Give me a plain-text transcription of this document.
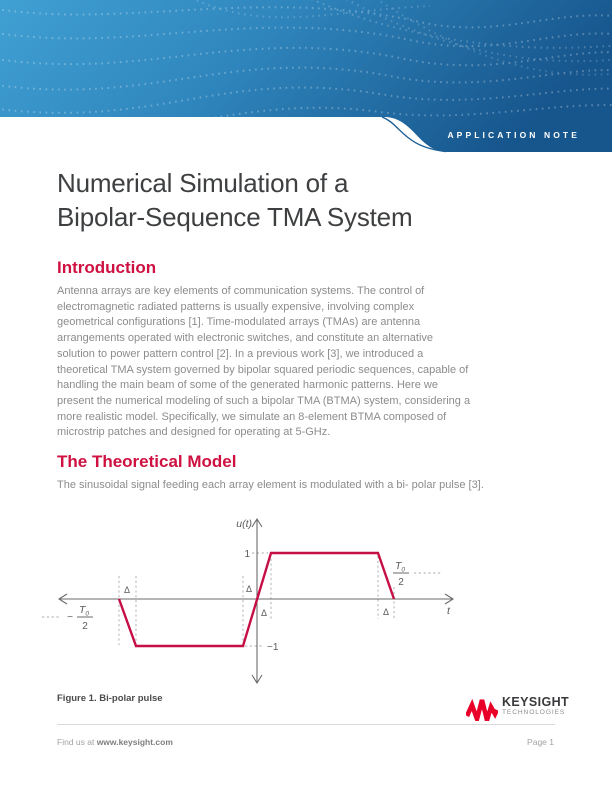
APPLICATION NOTE
Numerical Simulation of a
Bipolar-Sequence TMA System
Introduction
Antenna arrays are key elements of communication systems. The control of electromagnetic radiated patterns is usually expensive, involving complex geometrical configurations [1]. Time-modulated arrays (TMAs) are antenna arrangements operated with electronic switches, and constitute an alternative solution to power pattern control [2]. In a previous work [3], we introduced a theoretical TMA system governed by bipolar squared periodic sequences, capable of handling the main beam of some of the generated harmonic patterns. Here we present the numerical modeling of such a bipolar TMA (BTMA) system, considering a more realistic model. Specifically, we simulate an 8-element BTMA composed of microstrip patches and designed for operating at 5-GHz.
The Theoretical Model
The sinusoidal signal feeding each array element is modulated with a bi- polar pulse [3].
u(t)
t
1
−1
Δ	Δ
Δ	Δ
−
$T_0$
2
$T_0$
2
Figure 1. Bi-polar pulse	KEYSIGHT
TECHNOLOGIES
Find us at www.keysight.com	Page 1
